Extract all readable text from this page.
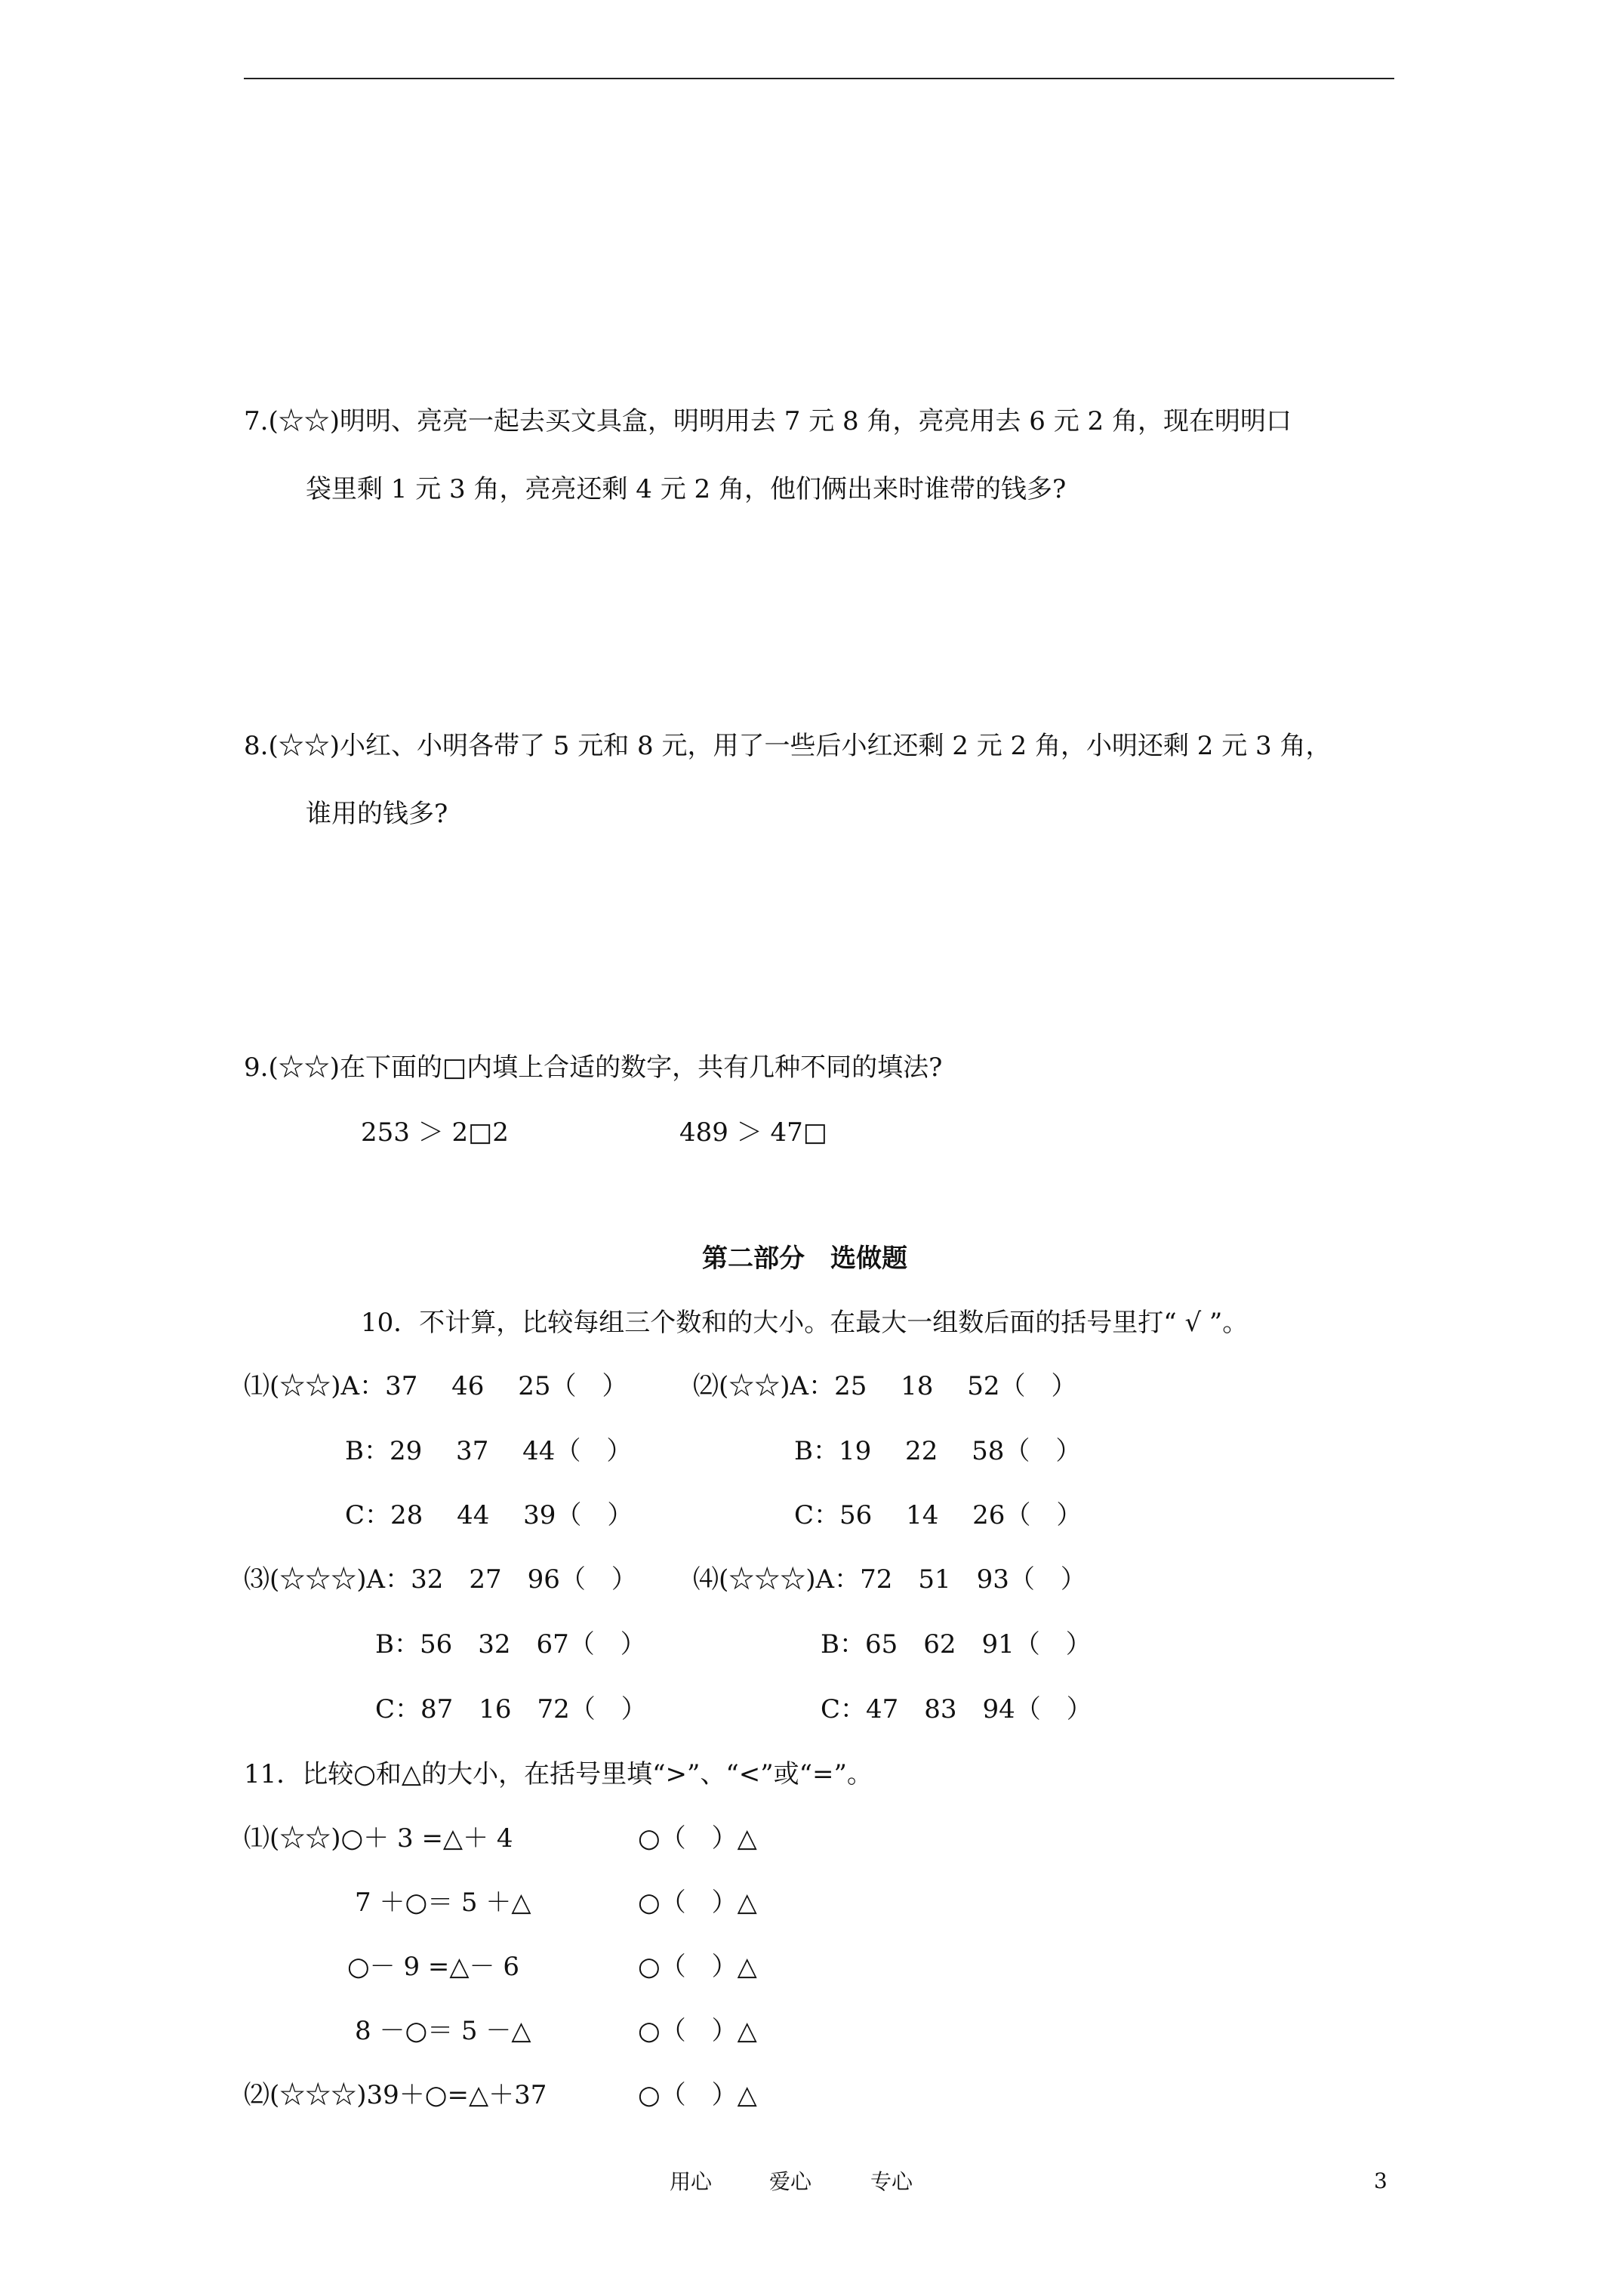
7.(☆☆)明明、亮亮一起去买文具盒，明明用去 7 元 8 角，亮亮用去 6 元 2 角，现在明明口
袋里剩 1 元 3 角，亮亮还剩 4 元 2 角，他们俩出来时谁带的钱多?
8.(☆☆)小红、小明各带了 5 元和 8 元，用了一些后小红还剩 2 元 2 角，小明还剩 2 元 3 角，
谁用的钱多?
9.(☆☆)在下面的□内填上合适的数字，共有几种不同的填法?
253 ＞ 2□2	489 ＞ 47□
第二部分　选做题
10．不计算，比较每组三个数和的大小。在最大一组数后面的括号里打“ √ ”。
⑴(☆☆)A：37　 46　 25（　）
B：29　 37　 44（　）
C：28　 44　 39（　）
⑶(☆☆☆)A：32　27　96（　）
B：56　32　67（　）
C：87　16　72（　）
⑵(☆☆)A：25　 18　 52（　）
B：19　 22　 58（　）
C：56　 14　 26（　）
⑷(☆☆☆)A：72　51　93（　）
B：65　62　91（　）
C：47　83　94（　）
11．比较○和△的大小，在括号里填“>”、“<”或“=”。
⑴(☆☆)○＋ 3 =△＋ 4	○（　）△
7 ＋○＝ 5 ＋△	○（　）△
○－ 9 =△－ 6	○（　）△
8 －○＝ 5 －△	○（　）△
⑵(☆☆☆)39＋○=△＋37	○（　）△
用心	爱心	专心	3
